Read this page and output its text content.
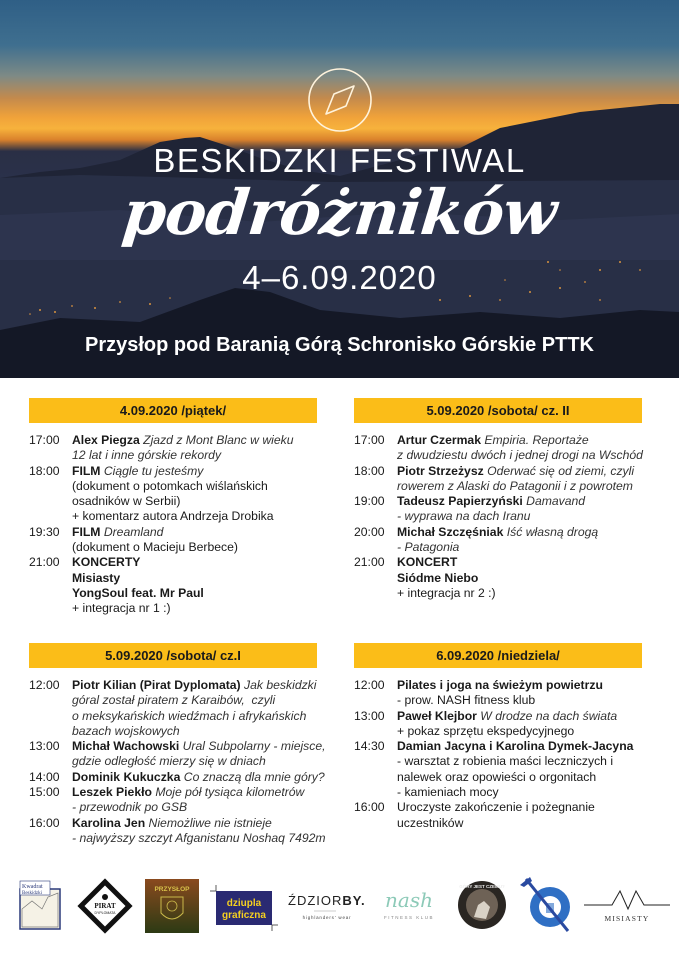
BESKIDZKI FESTIWAL
podróżników
4–6.09.2020
Przysłop pod Baranią Górą Schronisko Górskie PTTK
4.09.2020 /piątek/
17:00	Alex Piegza Zjazd z Mont Blanc w wieku
12 lat i inne górskie rekordy
18:00	FILM Ciągle tu jesteśmy
(dokument o potomkach wiślańskich
osadników w Serbii)
+ komentarz autora Andrzeja Drobika
19:30	FILM Dreamland
(dokument o Macieju Berbece)
21:00	KONCERTY
Misiasty
YongSoul feat. Mr Paul
+ integracja nr 1 :)
5.09.2020 /sobota/ cz. II
17:00	Artur Czermak Empiria. Reportaże
z dwudziestu dwóch i jednej drogi na Wschód
18:00	Piotr Strzeżysz Oderwać się od ziemi, czyli
rowerem z Alaski do Patagonii i z powrotem
19:00	Tadeusz Papierzyński Damavand
- wyprawa na dach Iranu
20:00	Michał Szczęśniak Iść własną drogą
- Patagonia
21:00	KONCERT
Siódme Niebo
+ integracja nr 2 :)
5.09.2020 /sobota/ cz.I
12:00	Piotr Kilian (Pirat Dyplomata) Jak beskidzki
góral został piratem z Karaibów,  czyli
o meksykańskich wiedźmach i afrykańskich
bazach wojskowych
13:00	Michał Wachowski Ural Subpolarny - miejsce,
gdzie odległość mierzy się w dniach
14:00	Dominik Kukuczka Co znaczą dla mnie góry?
15:00	Leszek Piekło Moje pół tysiąca kilometrów
- przewodnik po GSB
16:00	Karolina Jen Niemożliwe nie istnieje
- najwyższy szczyt Afganistanu Noshaq 7492m
6.09.2020 /niedziela/
12:00	Pilates i joga na świeżym powietrzu
- prow. NASH fitness klub
13:00	Paweł Klejbor W drodze na dach świata
+ pokaz sprzętu ekspedycyjnego
14:30	Damian Jacyna i Karolina Dymek-Jacyna
- warsztat z robienia maści leczniczych i
nalewek oraz opowieści o orgonitach
- kamieniach mocy
16:00	Uroczyste zakończenie i pożegnanie
uczestników
Kwadrat
Beskidzki
PIRAT
DYPLOMATA
PRZYSŁOP
dziupla
graficzna
ŹDZIORBY.
highlanders' wear
nash
FITNESS KLUB
GÓRY JEST CZEMU?
MISIASTY
